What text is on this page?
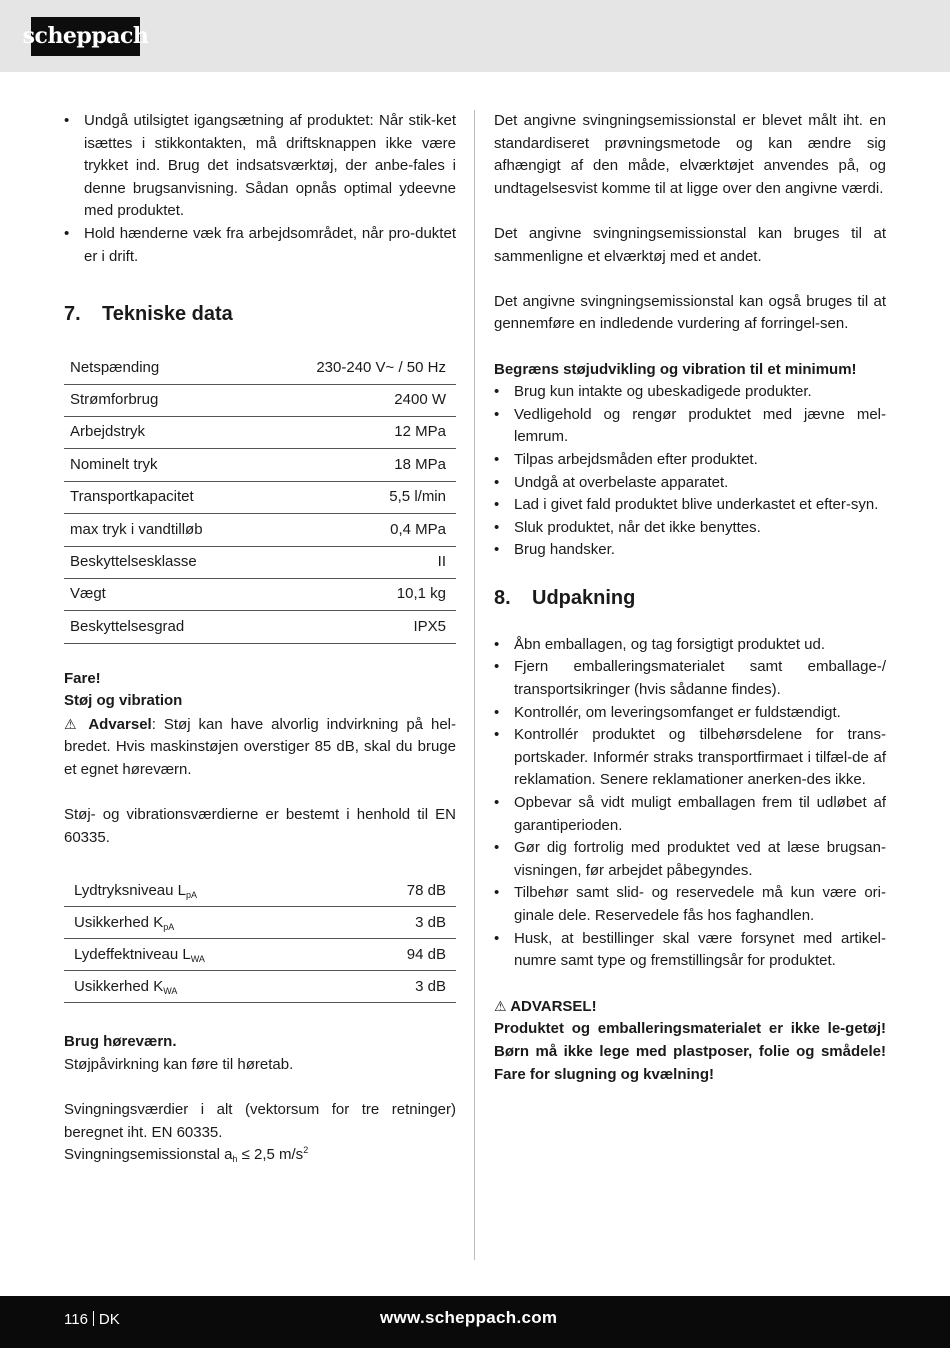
scheppach
• Undgå utilsigtet igangsætning af produktet: Når stik-ket isættes i stikkontakten, må driftsknappen ikke være trykket ind. Brug det indsatsværktøj, der anbe-fales i denne brugsanvisning. Sådan opnås optimal ydeevne med produktet.
• Hold hænderne væk fra arbejdsområdet, når pro-duktet er i drift.
7.	Tekniske data
Netspænding	230-240 V~ / 50 Hz
Strømforbrug	2400 W
Arbejdstryk	12 MPa
Nominelt tryk	18 MPa
Transportkapacitet	5,5 l/min
max tryk i vandtilløb	0,4 MPa
Beskyttelsesklasse	II
Vægt	10,1 kg
Beskyttelsesgrad	IPX5

Fare!

Støj og vibration

⚠ Advarsel: Støj kan have alvorlig indvirkning på hel-bredet. Hvis maskinstøjen overstiger 85 dB, skal du bruge et egnet høreværn.

Støj- og vibrationsværdierne er bestemt i henhold til EN 60335.

Lydtryksniveau $L_{pA}$	78 dB
Usikkerhed $K_{pA}$	3 dB
Lydeffektniveau $L_{WA}$	94 dB
Usikkerhed $K_{WA}$	3 dB

Brug høreværn.

Støjpåvirkning kan føre til høretab.

Svingningsværdier i alt (vektorsum for tre retninger) beregnet iht. EN 60335.

Svingningsemissionstal $a_h \le 2,5$ $m/s^2$

Det angivne svingningsemissionstal er blevet målt iht. en standardiseret prøvningsmetode og kan ændre sig afhængigt af den måde, elværktøjet anvendes på, og undtagelsesvist komme til at ligge over den angivne værdi.

Det angivne svingningsemissionstal kan bruges til at sammenligne et elværktøj med et andet.

Det angivne svingningsemissionstal kan også bruges til at gennemføre en indledende vurdering af forringel-sen.

Begræns støjudvikling og vibration til et minimum!

• Brug kun intakte og ubeskadigede produkter.
• Vedligehold og rengør produktet med jævne mel-lemrum.
• Tilpas arbejdsmåden efter produktet.
• Undgå at overbelaste apparatet.
• Lad i givet fald produktet blive underkastet et efter-syn.
• Sluk produktet, når det ikke benyttes.
• Brug handsker.
8.	Udpakning
• Åbn emballagen, og tag forsigtigt produktet ud.
• Fjern emballeringsmaterialet samt emballage-/ transportsikringer (hvis sådanne findes).
• Kontrollér, om leveringsomfanget er fuldstændigt.
• Kontrollér produktet og tilbehørsdelene for trans-portskader. Informér straks transportfirmaet i tilfæl-de af reklamation. Senere reklamationer anerken-des ikke.
• Opbevar så vidt muligt emballagen frem til udløbet af garantiperioden.
• Gør dig fortrolig med produktet ved at læse brugsan-visningen, før arbejdet påbegyndes.
• Tilbehør samt slid- og reservedele må kun være ori-ginale dele. Reservedele fås hos faghandlen.
• Husk, at bestillinger skal være forsynet med artikel-numre samt type og fremstillingsår for produktet.

⚠ ADVARSEL!

Produktet og emballeringsmaterialet er ikke le-getøj! Børn må ikke lege med plastposer, folie og smådele! Fare for slugning og kvælning!

116 DK	www.scheppach.com
